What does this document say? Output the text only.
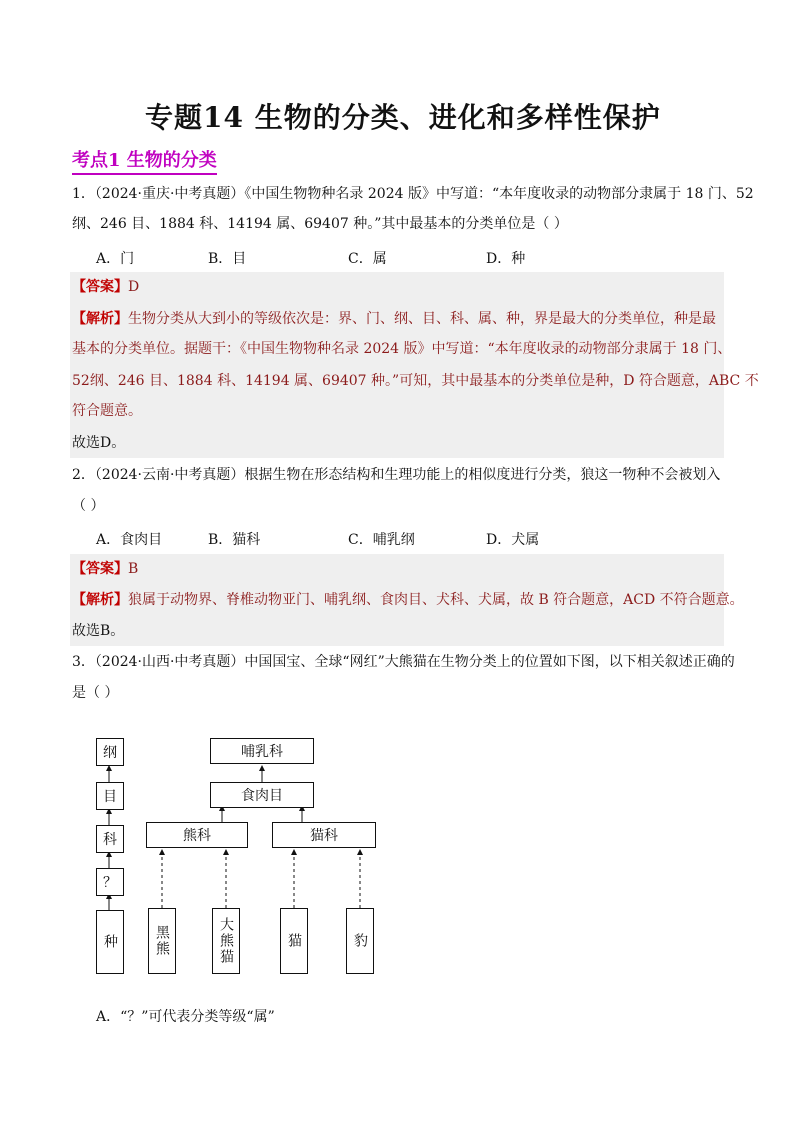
专题14 生物的分类、进化和多样性保护
考点1 生物的分类
1．（2024·重庆·中考真题）《中国生物物种名录 2024 版》中写道：“本年度收录的动物部分隶属于 18 门、52
纲、246 目、1884 科、14194 属、69407 种。”其中最基本的分类单位是（ ）
A．门	B．目	C．属	D．种
【答案】D
【解析】生物分类从大到小的等级依次是：界、门、纲、目、科、属、种，界是最大的分类单位，种是最
基本的分类单位。据题干：《中国生物物种名录 2024 版》中写道：“本年度收录的动物部分隶属于 18 门、
52纲、246 目、1884 科、14194 属、69407 种。”可知，其中最基本的分类单位是种，D 符合题意，ABC 不
符合题意。
故选D。
2．（2024·云南·中考真题）根据生物在形态结构和生理功能上的相似度进行分类，狼这一物种不会被划入
（ ）
A．食肉目	B．猫科	C．哺乳纲	D．犬属
【答案】B
【解析】狼属于动物界、脊椎动物亚门、哺乳纲、食肉目、犬科、犬属，故 B 符合题意，ACD 不符合题意。
故选B。
3．（2024·山西·中考真题）中国国宝、全球“网红”大熊猫在生物分类上的位置如下图，以下相关叙述正确的
是（ ）
纲
目
科
？
种
哺乳科
食肉目
熊科	猫科
黑熊	大熊猫	猫	豹
A．“？”可代表分类等级“属”
